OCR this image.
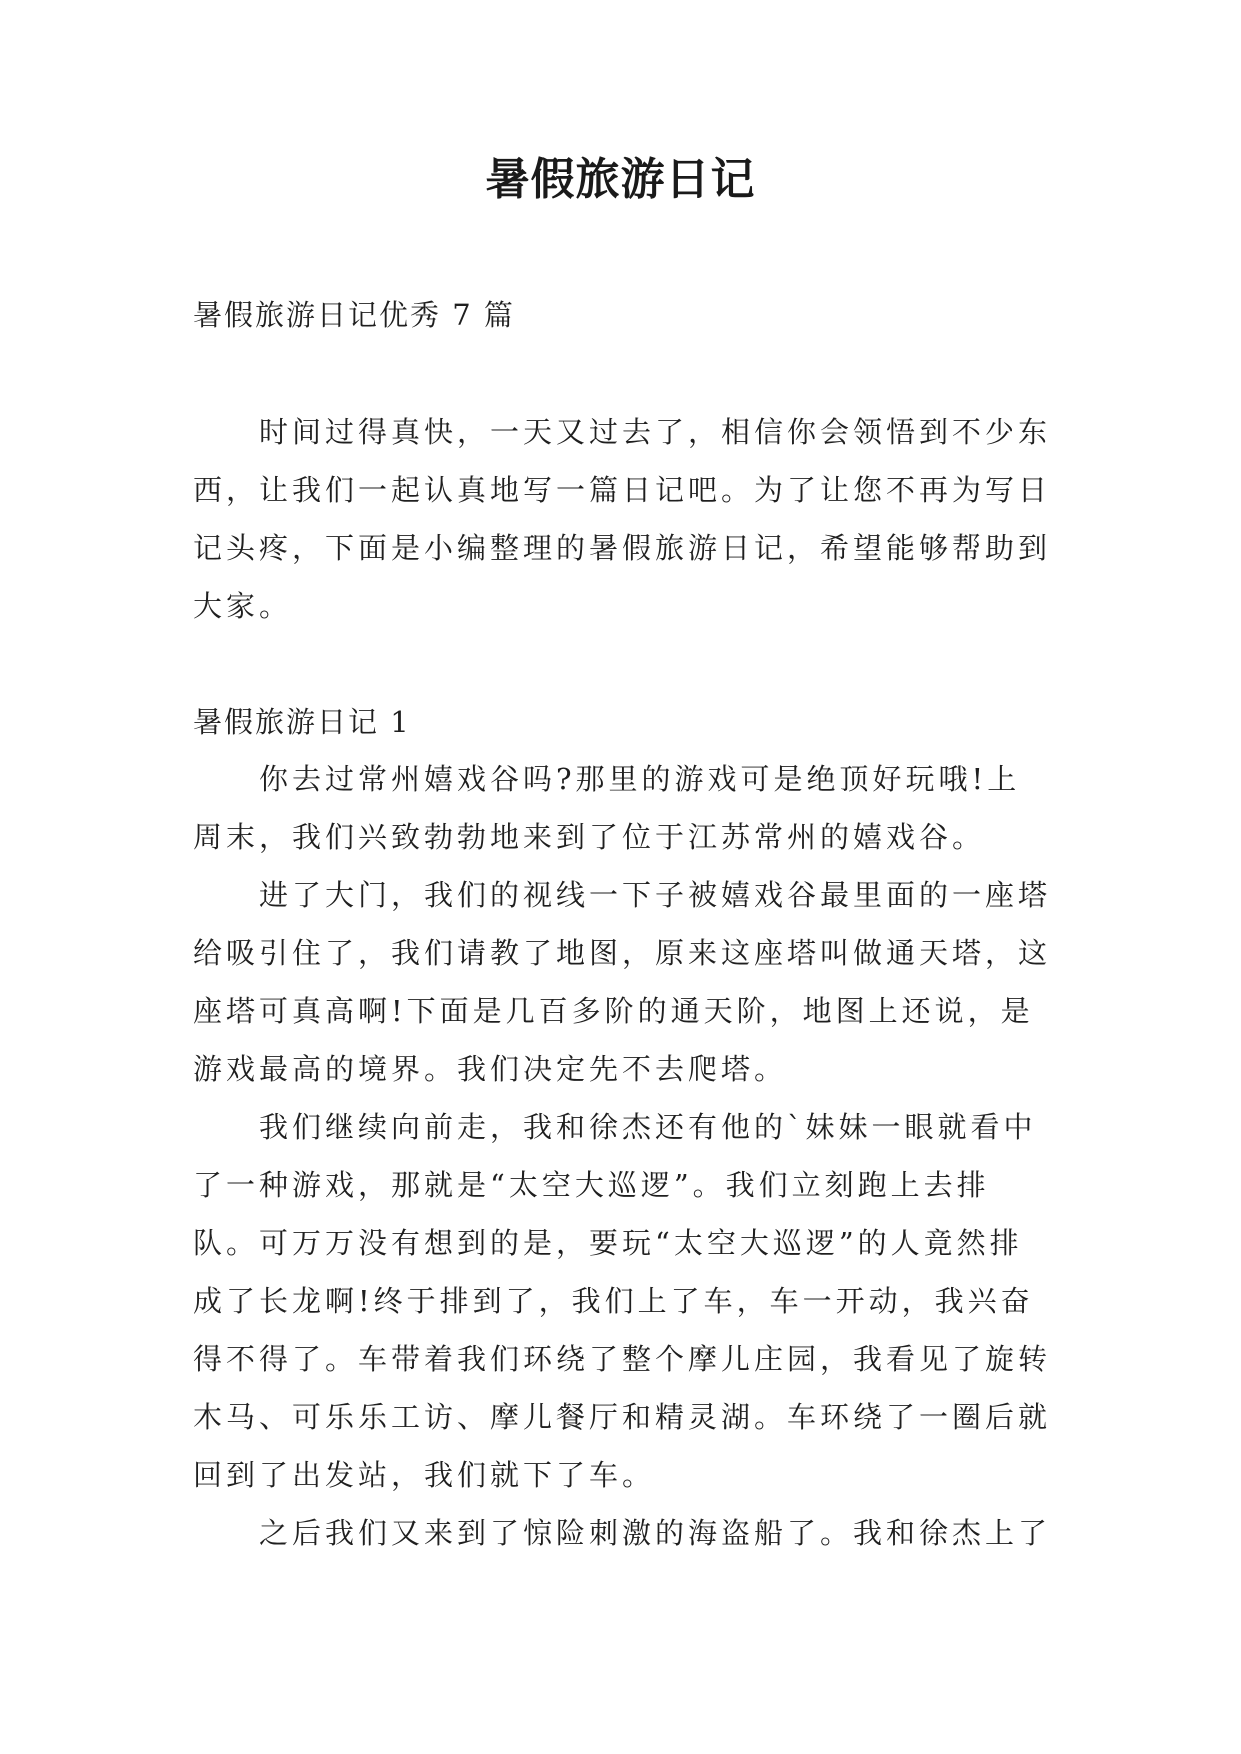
暑假旅游日记

暑假旅游日记优秀 7 篇

时间过得真快，一天又过去了，相信你会领悟到不少东西，让我们一起认真地写一篇日记吧。为了让您不再为写日记头疼，下面是小编整理的暑假旅游日记，希望能够帮助到大家。

暑假旅游日记 1

你去过常州嬉戏谷吗?那里的游戏可是绝顶好玩哦!上周末，我们兴致勃勃地来到了位于江苏常州的嬉戏谷。

进了大门，我们的视线一下子被嬉戏谷最里面的一座塔给吸引住了，我们请教了地图，原来这座塔叫做通天塔，这座塔可真高啊!下面是几百多阶的通天阶，地图上还说，是游戏最高的境界。我们决定先不去爬塔。

我们继续向前走，我和徐杰还有他的`妹妹一眼就看中了一种游戏，那就是“太空大巡逻”。我们立刻跑上去排队。可万万没有想到的是，要玩“太空大巡逻”的人竟然排成了长龙啊!终于排到了，我们上了车，车一开动，我兴奋得不得了。车带着我们环绕了整个摩儿庄园，我看见了旋转木马、可乐乐工访、摩儿餐厅和精灵湖。车环绕了一圈后就回到了出发站，我们就下了车。

之后我们又来到了惊险刺激的海盗船了。我和徐杰上了
